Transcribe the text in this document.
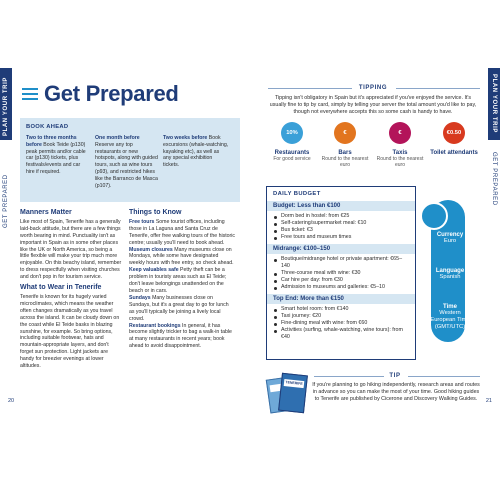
PLAN YOUR TRIP
GET PREPARED
Get Prepared
BOOK AHEAD
Two to three months before Book Teide (p130) peak permits and/or cable car (p130) tickets, plus festivals/events and car hire if required.
One month before Reserve any top restaurants or new hotspots, along with guided tours, such as wine tours (p93), and restricted hikes like the Barranco de Masca (p107).
Two weeks before Book excursions (whale-watching, kayaking etc), as well as any special exhibition tickets.
Manners Matter

Like most of Spain, Tenerife has a generally laid-back attitude, but there are a few things worth bearing in mind. Punctuality isn't as important in Spain as in some other places like the UK or North America, so being a little flexible will make your trip much more enjoyable. On this beachy island, remember to dress respectfully when visiting churches and don't pop in for tourism service.

What to Wear in Tenerife

Tenerife is known for its hugely varied microclimates, which means the weather often changes dramatically as you travel across the island. It can be cloudy down on the coast while El Teide basks in blazing sunshine, for example. So bring options, including suitable footwear, hats and mountain-appropriate layers, and don't forget sun protection. Light jackets are handy for breezier evenings at lower altitudes.

Things to Know

Free tours Some tourist offices, including those in La Laguna and Santa Cruz de Tenerife, offer free walking tours of the historic centre; usually you'll need to book ahead.

Museum closures Many museums close on Mondays, while some have designated weekly hours with free entry, so check ahead.

Keep valuables safe Petty theft can be a problem in touristy areas such as El Teide; don't leave belongings unattended on the beach or in cars.

Sundays Many businesses close on Sundays, but it's a great day to go for lunch as you'll typically be joining a lively local crowd.

Restaurant bookings In general, it has become slightly trickier to bag a walk-in table at many restaurants in recent years; book ahead to avoid disappointment.

20
PLAN YOUR TRIP
GET PREPARED
TIPPING
Tipping isn't obligatory in Spain but it's appreciated if you've enjoyed the service. It's usually fine to tip by card, simply by telling your server the total amount you'd like to pay, though not everywhere accepts this so some cash is handy to have.
10%
Restaurants
For good service
€
Bars
Round to the nearest euro
€
Taxis
Round to the nearest euro
€0.50
Toilet attendants
DAILY BUDGET
Budget: Less than €100
Dorm bed in hostel: from €25
Self-catering/supermarket meal: €10
Bus ticket: €3
Free tours and museum times
Midrange: €100–150
Boutique/midrange hotel or private apartment: €65–140
Three-course meal with wine: €30
Car hire per day: from €30
Admission to museums and galleries: €5–10
Top End: More than €150
Smart hotel room: from €140
Taxi journey: €20
Fine-dining meal with wine: from €60
Activities (surfing, whale-watching, wine tours): from €40
Currency
Euro
Language
Spanish
Time
Western European Time (GMT/UTC)
TENERIFE
TIP
If you're planning to go hiking independently, research areas and routes in advance so you can make the most of your time. Good hiking guides to Tenerife are published by Cicerone and Discovery Walking Guides.	21
